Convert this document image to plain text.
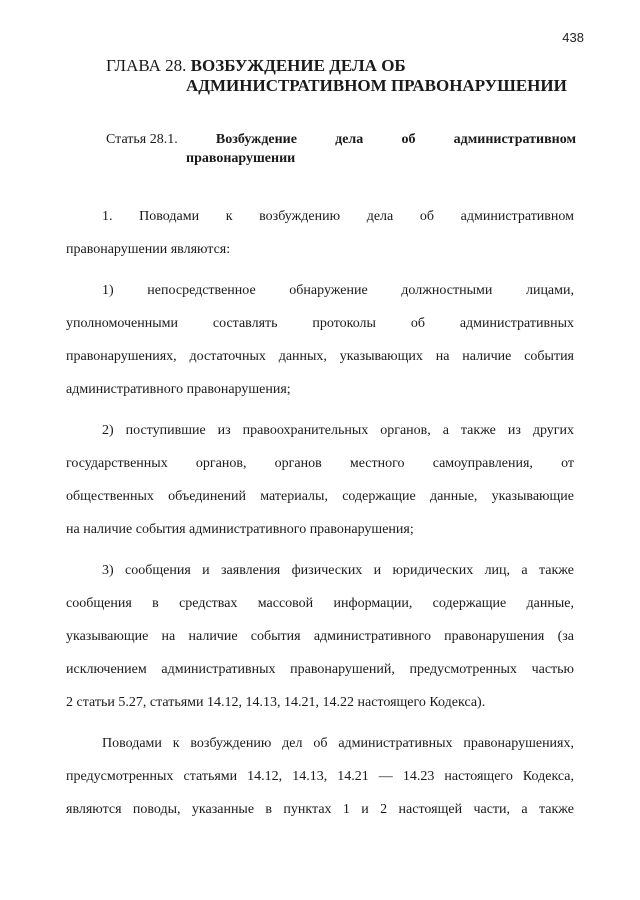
438
ГЛАВА 28. ВОЗБУЖДЕНИЕ ДЕЛА ОБ
АДМИНИСТРАТИВНОМ ПРАВОНАРУШЕНИИ
Статья 28.1.	Возбуждение	дела	об	административном
правонарушении
1. Поводами к возбуждению дела об административном
правонарушении являются:
1) непосредственное обнаружение должностными лицами,
уполномоченными составлять протоколы об административных
правонарушениях, достаточных данных, указывающих на наличие события
административного правонарушения;
2) поступившие из правоохранительных органов, а также из других
государственных органов, органов местного самоуправления, от
общественных объединений материалы, содержащие данные, указывающие
на наличие события административного правонарушения;
3) сообщения и заявления физических и юридических лиц, а также
сообщения в средствах массовой информации, содержащие данные,
указывающие на наличие события административного правонарушения (за
исключением административных правонарушений, предусмотренных частью
2 статьи 5.27, статьями 14.12, 14.13, 14.21, 14.22 настоящего Кодекса).
Поводами к возбуждению дел об административных правонарушениях,
предусмотренных статьями 14.12, 14.13, 14.21 — 14.23 настоящего Кодекса,
являются поводы, указанные в пунктах 1 и 2 настоящей части, а также
